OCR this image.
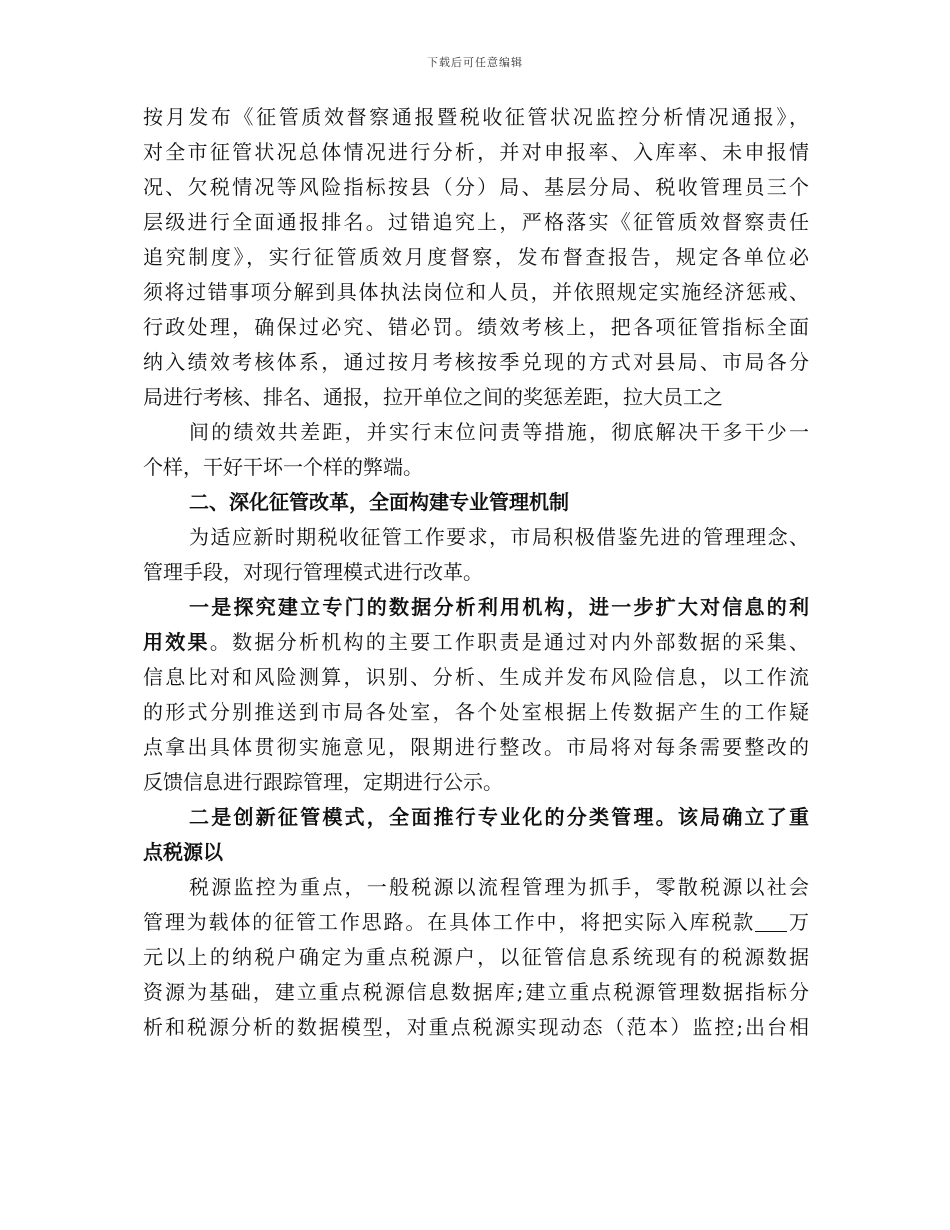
下载后可任意编辑
按月发布《征管质效督察通报暨税收征管状况监控分析情况通报》，
对全市征管状况总体情况进行分析，并对申报率、入库率、未申报情
况、欠税情况等风险指标按县（分）局、基层分局、税收管理员三个
层级进行全面通报排名。过错追究上，严格落实《征管质效督察责任
追究制度》，实行征管质效月度督察，发布督查报告，规定各单位必
须将过错事项分解到具体执法岗位和人员，并依照规定实施经济惩戒、
行政处理，确保过必究、错必罚。绩效考核上，把各项征管指标全面
纳入绩效考核体系，通过按月考核按季兑现的方式对县局、市局各分
局进行考核、排名、通报，拉开单位之间的奖惩差距，拉大员工之
间的绩效共差距，并实行末位问责等措施，彻底解决干多干少一
个样，干好干坏一个样的弊端。
二、深化征管改革，全面构建专业管理机制
为适应新时期税收征管工作要求，市局积极借鉴先进的管理理念、
管理手段，对现行管理模式进行改革。
一是探究建立专门的数据分析利用机构，进一步扩大对信息的利
用效果。数据分析机构的主要工作职责是通过对内外部数据的采集、
信息比对和风险测算，识别、分析、生成并发布风险信息，以工作流
的形式分别推送到市局各处室，各个处室根据上传数据产生的工作疑
点拿出具体贯彻实施意见，限期进行整改。市局将对每条需要整改的
反馈信息进行跟踪管理，定期进行公示。
二是创新征管模式，全面推行专业化的分类管理。该局确立了重
点税源以
税源监控为重点，一般税源以流程管理为抓手，零散税源以社会
管理为载体的征管工作思路。在具体工作中，将把实际入库税款 万
元以上的纳税户确定为重点税源户，以征管信息系统现有的税源数据
资源为基础，建立重点税源信息数据库;建立重点税源管理数据指标分
析和税源分析的数据模型，对重点税源实现动态（范本）监控;出台相
